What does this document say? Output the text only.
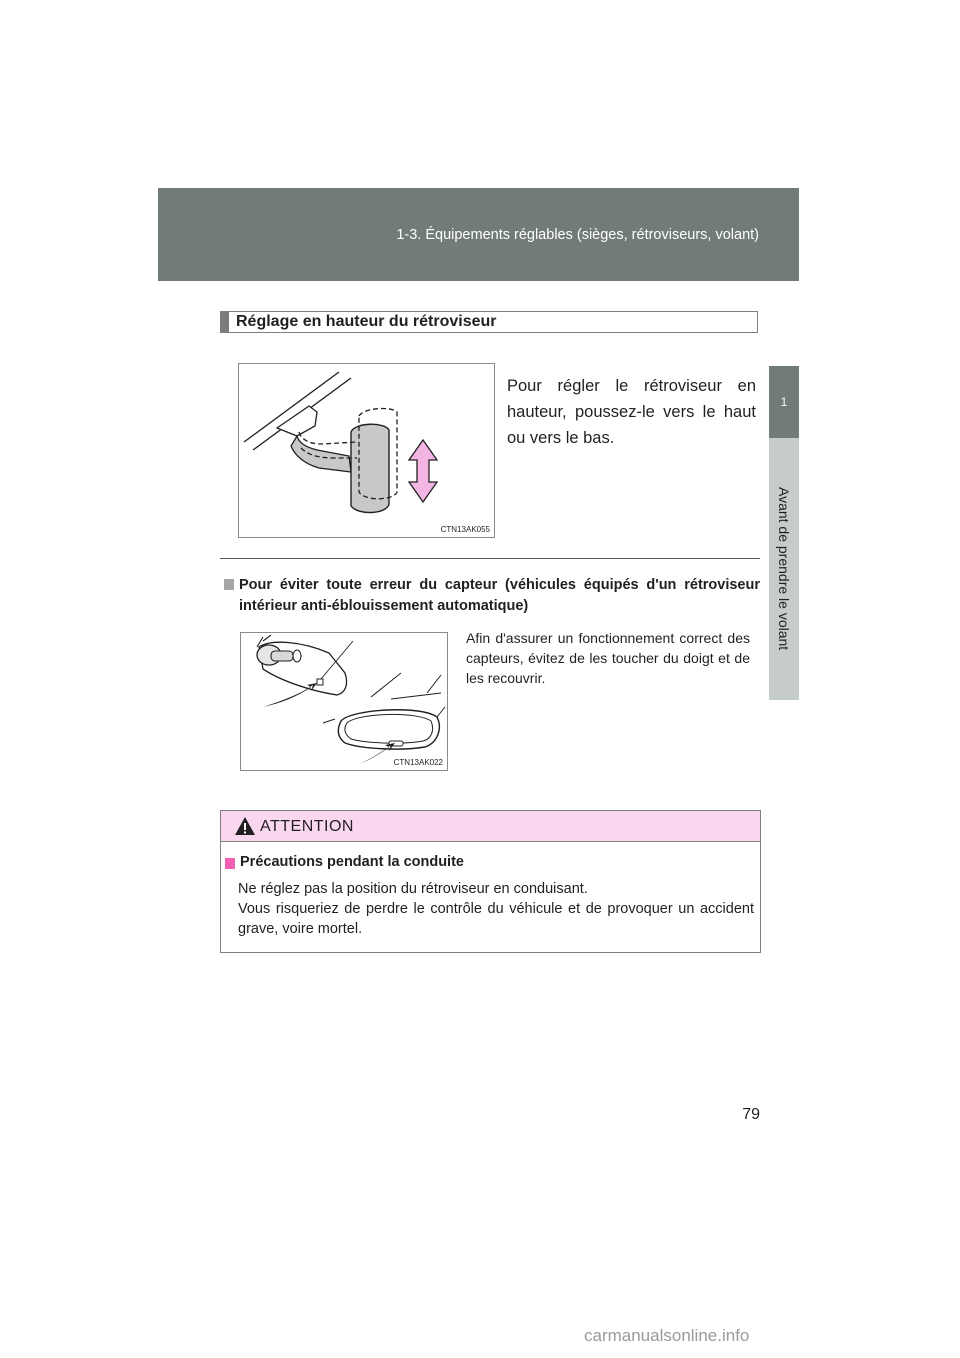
1-3. Équipements réglables (sièges, rétroviseurs, volant)
1
Avant de prendre le volant
Réglage en hauteur du rétroviseur
CTN13AK055
Pour régler le rétroviseur en hauteur, poussez-le vers le haut ou vers le bas.
Pour éviter toute erreur du capteur (véhicules équipés d'un rétroviseur intérieur anti-éblouissement automatique)
CTN13AK022
Afin d'assurer un fonctionnement correct des capteurs, évitez de les toucher du doigt et de les recouvrir.
ATTENTION
Précautions pendant la conduite
Ne réglez pas la position du rétroviseur en conduisant.
Vous risqueriez de perdre le contrôle du véhicule et de provoquer un accident grave, voire mortel.
79
carmanualsonline.info
